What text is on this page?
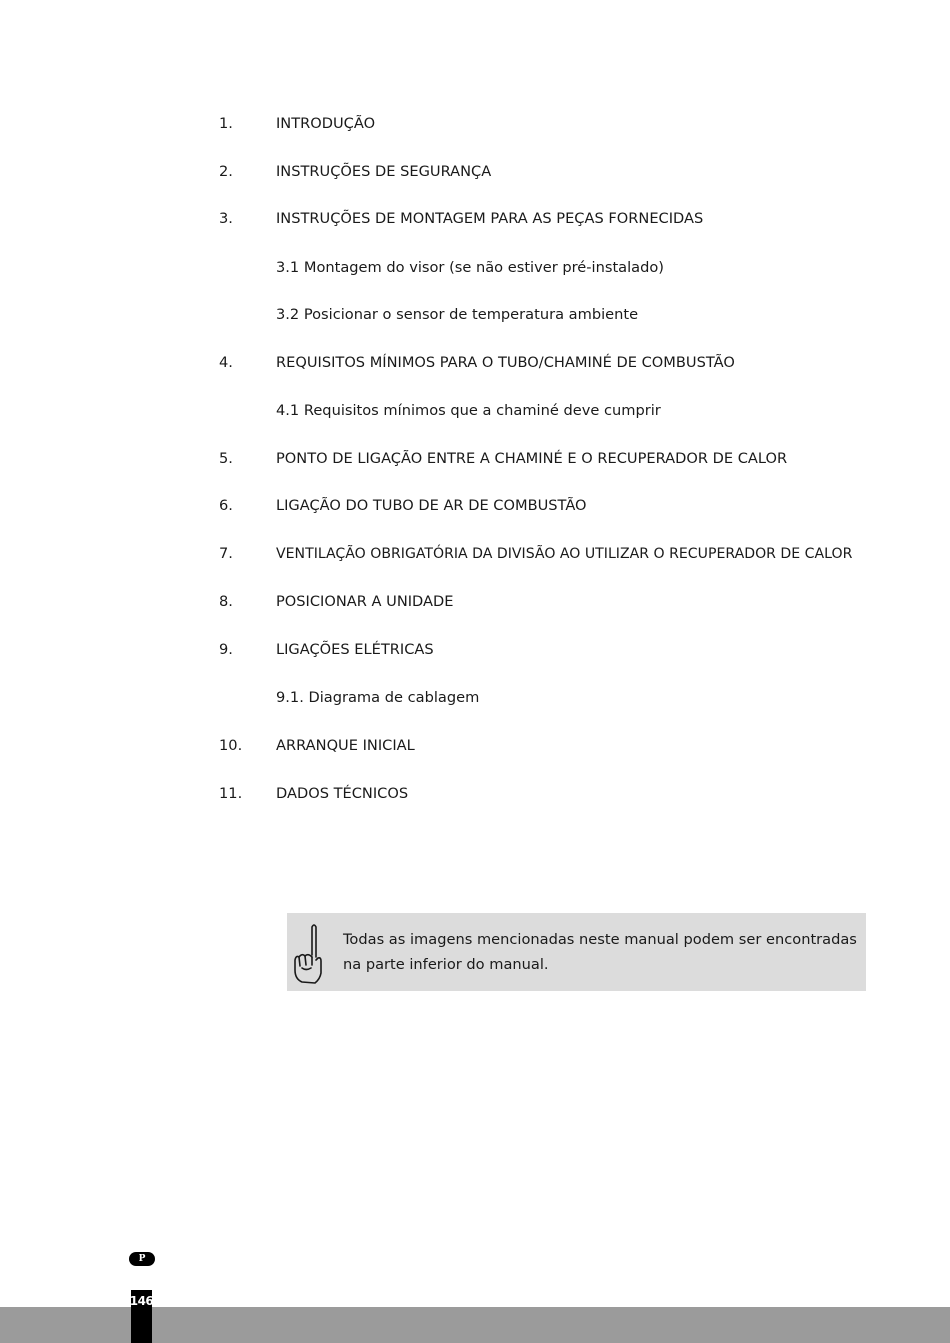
1.	INTRODUÇÃO
2.	INSTRUÇÕES DE SEGURANÇA
3.	INSTRUÇÕES DE MONTAGEM PARA AS PEÇAS FORNECIDAS
3.1 Montagem do visor (se não estiver pré-instalado)
3.2 Posicionar o sensor de temperatura ambiente
4.	REQUISITOS MÍNIMOS PARA O TUBO/CHAMINÉ DE COMBUSTÃO
4.1 Requisitos mínimos que a chaminé deve cumprir
5.	PONTO DE LIGAÇÃO ENTRE A CHAMINÉ E O RECUPERADOR DE CALOR
6.	LIGAÇÃO DO TUBO DE AR DE COMBUSTÃO
7.	VENTILAÇÃO OBRIGATÓRIA DA DIVISÃO AO UTILIZAR O RECUPERADOR DE CALOR
8.	POSICIONAR A UNIDADE
9.	LIGAÇÕES ELÉTRICAS
9.1. Diagrama de cablagem
10. ARRANQUE INICIAL
11. DADOS TÉCNICOS
Todas as imagens mencionadas neste manual podem ser encontradas na parte inferior do manual.
P
146
